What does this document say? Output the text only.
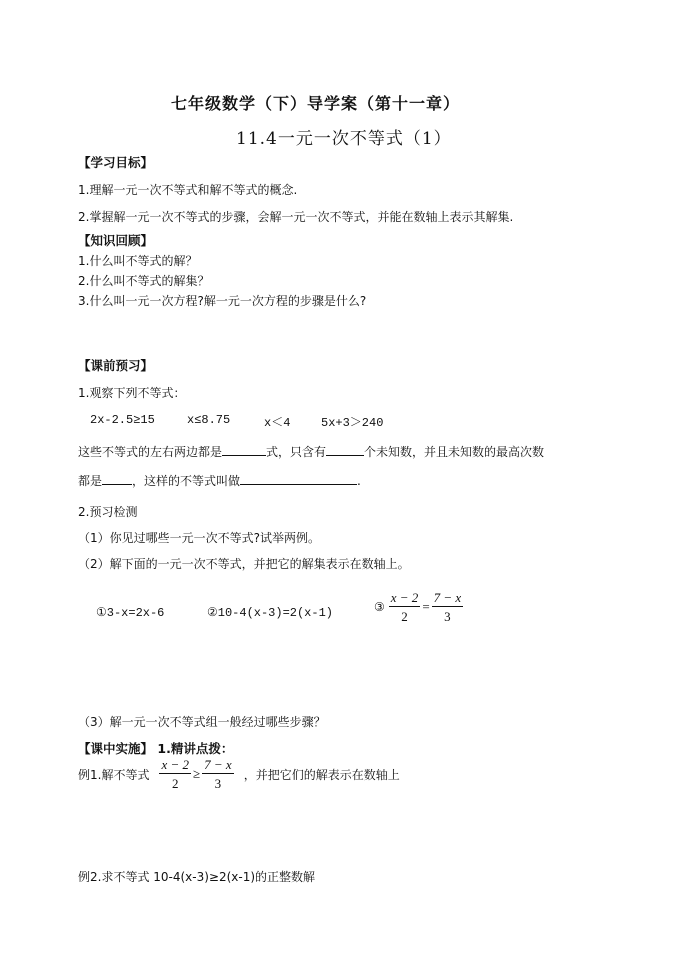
七年级数学（下）导学案（第十一章）
11.4一元一次不等式（1）
【学习目标】
1.理解一元一次不等式和解不等式的概念.
2.掌握解一元一次不等式的步骤，会解一元一次不等式，并能在数轴上表示其解集.
【知识回顾】
1.什么叫不等式的解？
2.什么叫不等式的解集？
3.什么叫一元一次方程?解一元一次方程的步骤是什么?
【课前预习】
1.观察下列不等式：
2x-2.5≥15	x≤8.75	x＜4	5x+3＞240
这些不等式的左右两边都是	式，只含有	个未知数，并且未知数的最高次数
都是	，这样的不等式叫做	.
2.预习检测
（1）你见过哪些一元一次不等式?试举两例。
（2）解下面的一元一次不等式，并把它的解集表示在数轴上。
①3-x=2x-6	②10-4(x-3)=2(x-1)	③ $\frac{x - 2}{2} = \frac{7 - x}{3}$
（3）解一元一次不等式组一般经过哪些步骤？
【课中实施】 1.精讲点拨：
例1.解不等式 $\frac{x - 2}{2} \ge \frac{7 - x}{3}$ ，并把它们的解表示在数轴上
例2.求不等式 10-4(x-3)≥2(x-1)的正整数解
